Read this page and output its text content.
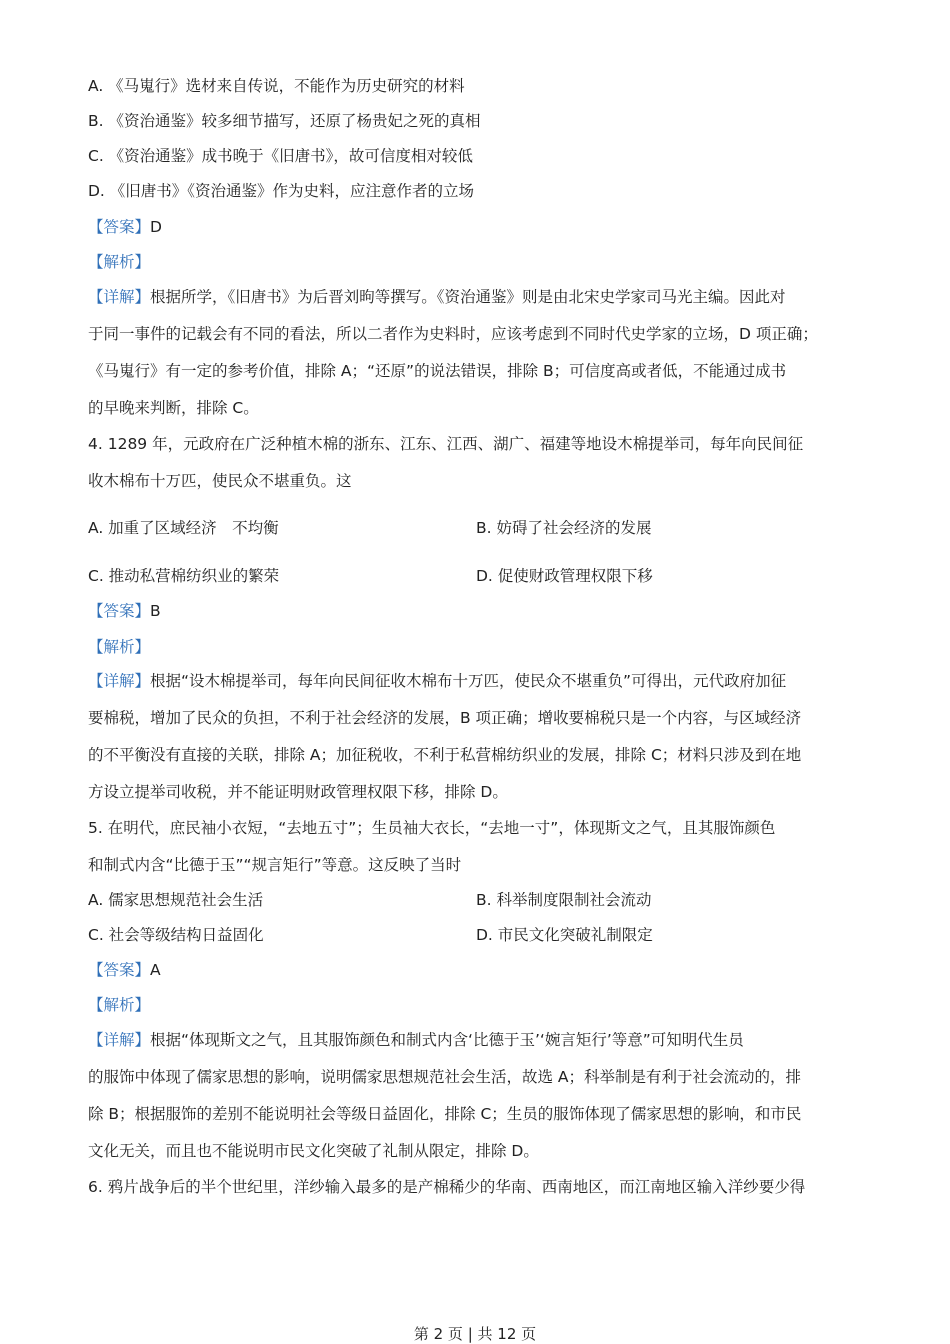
A. 《马嵬行》选材来自传说，不能作为历史研究的材料
B. 《资治通鉴》较多细节描写，还原了杨贵妃之死的真相
C. 《资治通鉴》成书晚于《旧唐书》，故可信度相对较低
D. 《旧唐书》《资治通鉴》作为史料，应注意作者的立场
【答案】D
【解析】
【详解】根据所学，《旧唐书》为后晋刘昫等撰写。《资治通鉴》则是由北宋史学家司马光主编。因此对
于同一事件的记载会有不同的看法，所以二者作为史料时，应该考虑到不同时代史学家的立场，D 项正确；
《马嵬行》有一定的参考价值，排除 A；“还原”的说法错误，排除 B；可信度高或者低，不能通过成书
的早晚来判断，排除 C。
4. 1289 年，元政府在广泛种植木棉的浙东、江东、江西、湖广、福建等地设木棉提举司，每年向民间征
收木棉布十万匹，使民众不堪重负。这
A. 加重了区域经济　不均衡	B. 妨碍了社会经济的发展
C. 推动私营棉纺织业的繁荣	D. 促使财政管理权限下移
【答案】B
【解析】
【详解】根据“设木棉提举司，每年向民间征收木棉布十万匹，使民众不堪重负”可得出，元代政府加征
要棉税，增加了民众的负担，不利于社会经济的发展，B 项正确；增收要棉税只是一个内容，与区域经济
的不平衡没有直接的关联，排除 A；加征税收，不利于私营棉纺织业的发展，排除 C；材料只涉及到在地
方设立提举司收税，并不能证明财政管理权限下移，排除 D。
5. 在明代，庶民袖小衣短，“去地五寸”；生员袖大衣长，“去地一寸”，体现斯文之气，且其服饰颜色
和制式内含“比德于玉”“规言矩行”等意。这反映了当时
A. 儒家思想规范社会生活	B. 科举制度限制社会流动
C. 社会等级结构日益固化	D. 市民文化突破礼制限定
【答案】A
【解析】
【详解】根据“体现斯文之气，且其服饰颜色和制式内含‘比德于玉’‘婉言矩行’等意”可知明代生员
的服饰中体现了儒家思想的影响，说明儒家思想规范社会生活，故选 A；科举制是有利于社会流动的，排
除 B；根据服饰的差别不能说明社会等级日益固化，排除 C；生员的服饰体现了儒家思想的影响，和市民
文化无关，而且也不能说明市民文化突破了礼制从限定，排除 D。
6. 鸦片战争后的半个世纪里，洋纱输入最多的是产棉稀少的华南、西南地区，而江南地区输入洋纱要少得
第 2 页 | 共 12 页
